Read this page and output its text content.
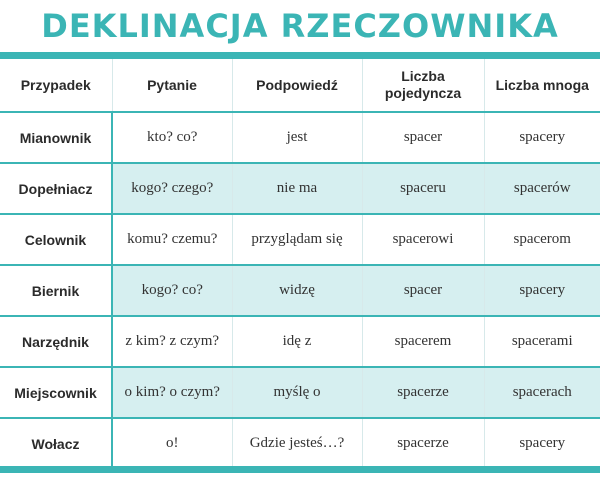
DEKLINACJA RZECZOWNIKA
Przypadek	Pytanie	Podpowiedź	Liczba pojedyncza	Liczba mnoga
Mianownik	kto? co?	jest	spacer	spacery
Dopełniacz	kogo? czego?	nie ma	spaceru	spacerów
Celownik	komu? czemu?	przyglądam się	spacerowi	spacerom
Biernik	kogo? co?	widzę	spacer	spacery
Narzędnik	z kim? z czym?	idę z	spacerem	spacerami
Miejscownik	o kim? o czym?	myślę o	spacerze	spacerach
Wołacz	o!	Gdzie jesteś…?	spacerze	spacery
